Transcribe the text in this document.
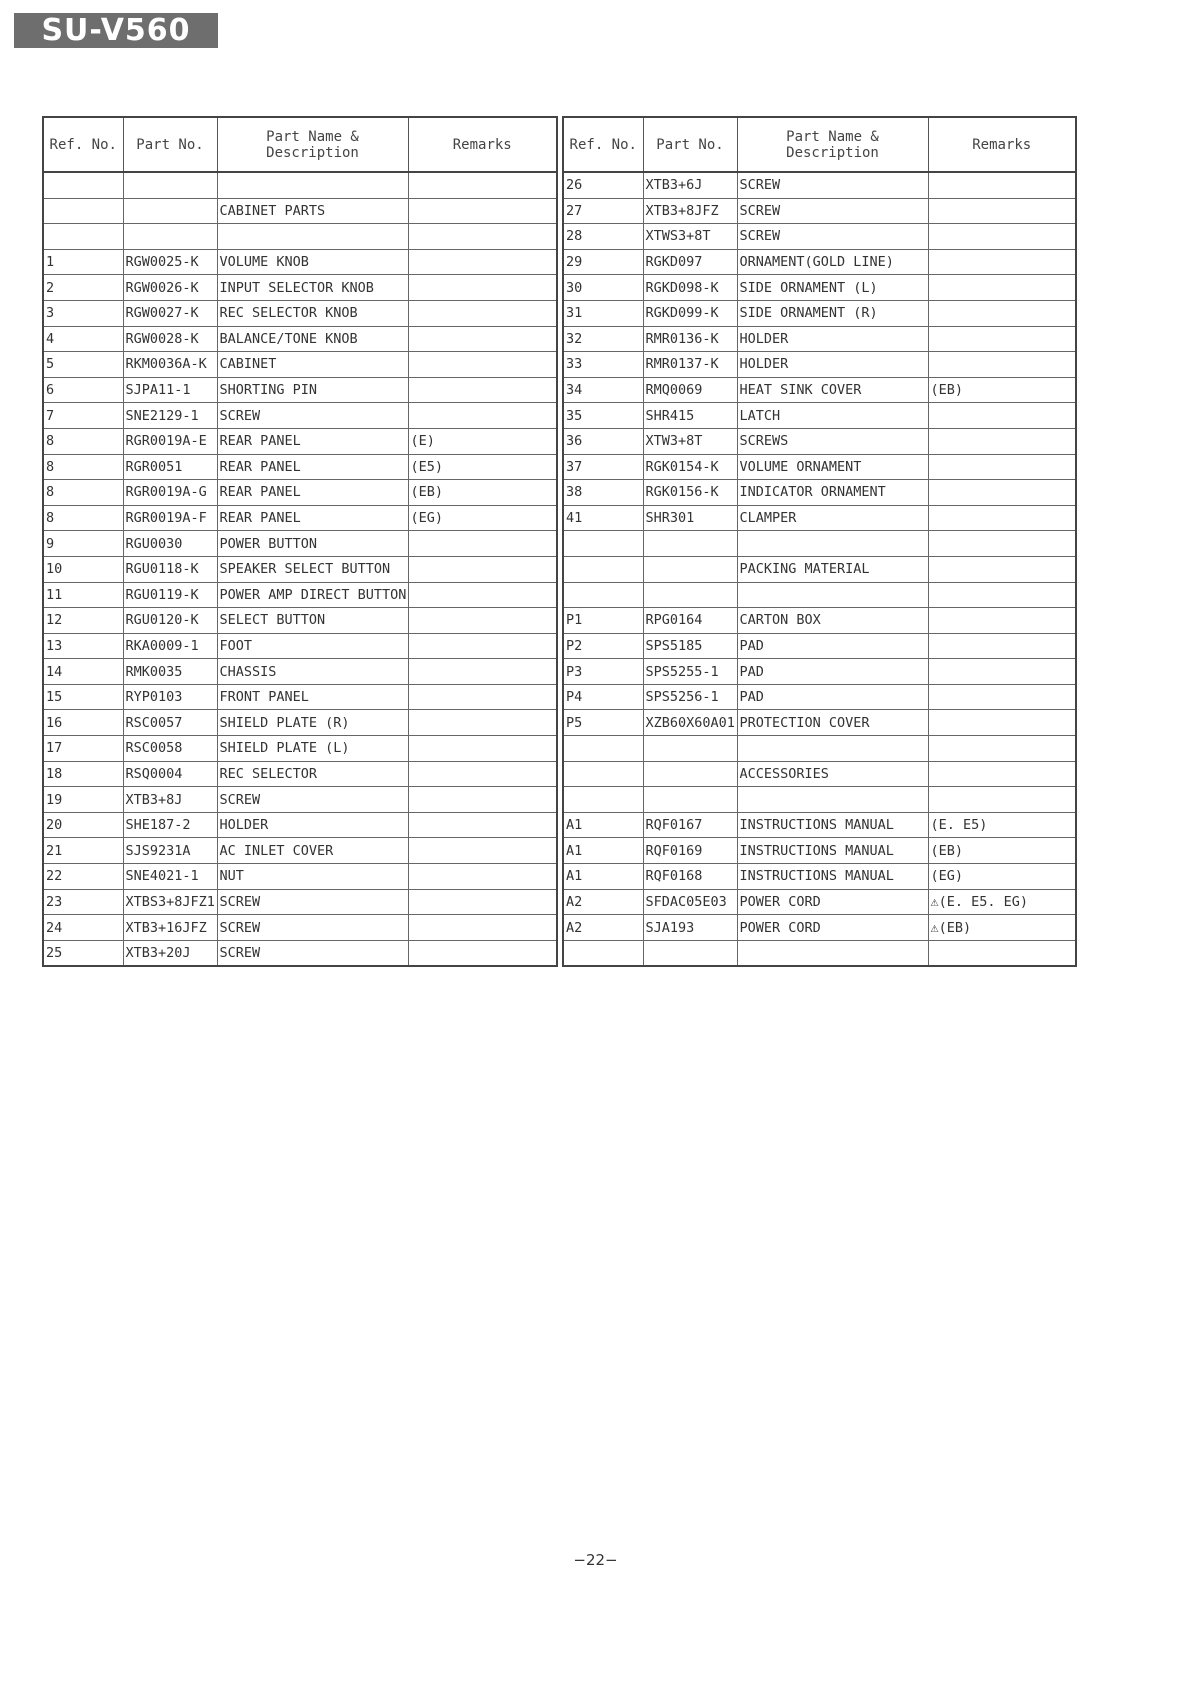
SU-V560
Ref. No.	Part No.	Part Name & Description	Remarks

		CABINET PARTS	

1	RGW0025-K	VOLUME KNOB	
2	RGW0026-K	INPUT SELECTOR KNOB	
3	RGW0027-K	REC SELECTOR KNOB	
4	RGW0028-K	BALANCE/TONE KNOB	
5	RKM0036A-K	CABINET	
6	SJPA11-1	SHORTING PIN	
7	SNE2129-1	SCREW	
8	RGR0019A-E	REAR PANEL	(E)
8	RGR0051	REAR PANEL	(E5)
8	RGR0019A-G	REAR PANEL	(EB)
8	RGR0019A-F	REAR PANEL	(EG)
9	RGU0030	POWER BUTTON	
10	RGU0118-K	SPEAKER SELECT BUTTON	
11	RGU0119-K	POWER AMP DIRECT BUTTON	
12	RGU0120-K	SELECT BUTTON	
13	RKA0009-1	FOOT	
14	RMK0035	CHASSIS	
15	RYP0103	FRONT PANEL	
16	RSC0057	SHIELD PLATE (R)	
17	RSC0058	SHIELD PLATE (L)	
18	RSQ0004	REC SELECTOR	
19	XTB3+8J	SCREW	
20	SHE187-2	HOLDER	
21	SJS9231A	AC INLET COVER	
22	SNE4021-1	NUT	
23	XTBS3+8JFZ1	SCREW	
24	XTB3+16JFZ	SCREW	
25	XTB3+20J	SCREW	
Ref. No.	Part No.	Part Name & Description	Remarks
26	XTB3+6J	SCREW	
27	XTB3+8JFZ	SCREW	
28	XTWS3+8T	SCREW	
29	RGKD097	ORNAMENT(GOLD LINE)	
30	RGKD098-K	SIDE ORNAMENT (L)	
31	RGKD099-K	SIDE ORNAMENT (R)	
32	RMR0136-K	HOLDER	
33	RMR0137-K	HOLDER	
34	RMQ0069	HEAT SINK COVER	(EB)
35	SHR415	LATCH	
36	XTW3+8T	SCREWS	
37	RGK0154-K	VOLUME ORNAMENT	
38	RGK0156-K	INDICATOR ORNAMENT	
41	SHR301	CLAMPER	

		PACKING MATERIAL	

P1	RPG0164	CARTON BOX	
P2	SPS5185	PAD	
P3	SPS5255-1	PAD	
P4	SPS5256-1	PAD	
P5	XZB60X60A01	PROTECTION COVER	

		ACCESSORIES	

A1	RQF0167	INSTRUCTIONS MANUAL	(E. E5)
A1	RQF0169	INSTRUCTIONS MANUAL	(EB)
A1	RQF0168	INSTRUCTIONS MANUAL	(EG)
A2	SFDAC05E03	POWER CORD	⚠(E. E5. EG)
A2	SJA193	POWER CORD	⚠(EB)

−22−
